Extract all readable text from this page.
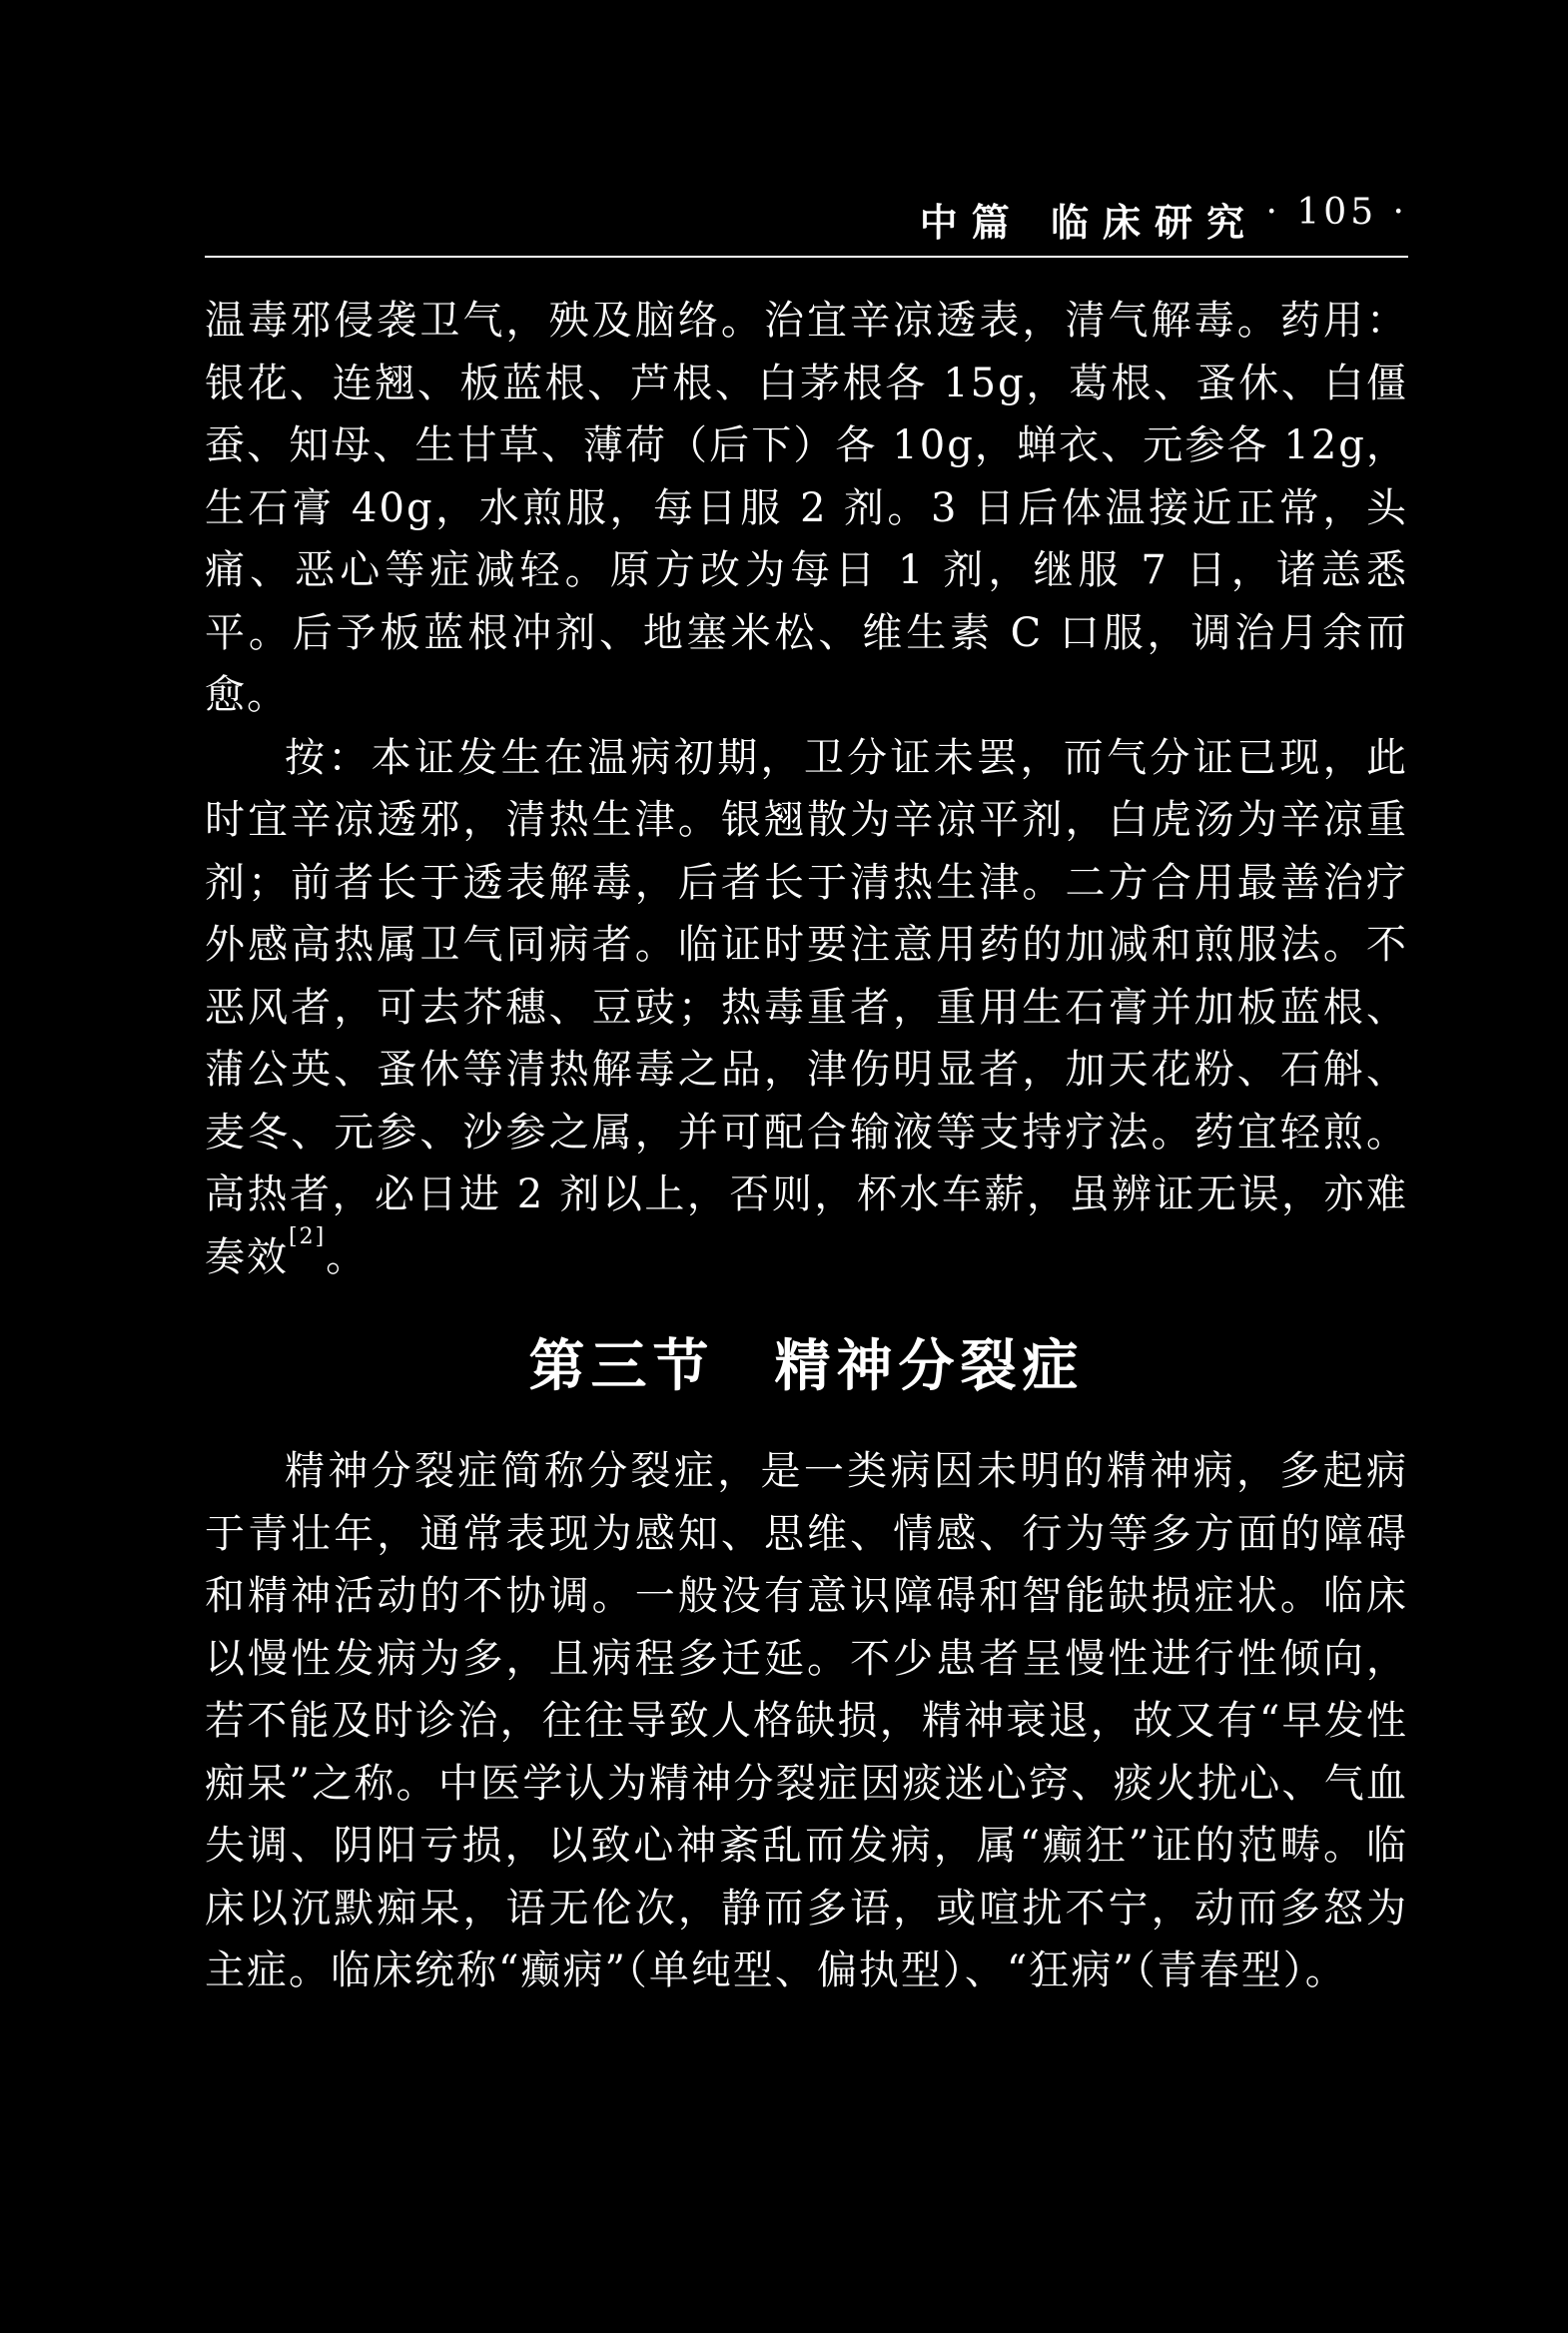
中篇 临床研究 · 105 ·

温毒邪侵袭卫气，殃及脑络。治宜辛凉透表，清气解毒。药用：银花、连翘、板蓝根、芦根、白茅根各 15g，葛根、蚤休、白僵蚕、知母、生甘草、薄荷（后下）各 10g，蝉衣、元参各 12g，生石膏 40g，水煎服，每日服 2 剂。3 日后体温接近正常，头痛、恶心等症减轻。原方改为每日 1 剂，继服 7 日，诸恙悉平。后予板蓝根冲剂、地塞米松、维生素 C 口服，调治月余而愈。

按：本证发生在温病初期，卫分证未罢，而气分证已现，此时宜辛凉透邪，清热生津。银翘散为辛凉平剂，白虎汤为辛凉重剂；前者长于透表解毒，后者长于清热生津。二方合用最善治疗外感高热属卫气同病者。临证时要注意用药的加减和煎服法。不恶风者，可去芥穗、豆豉；热毒重者，重用生石膏并加板蓝根、蒲公英、蚤休等清热解毒之品，津伤明显者，加天花粉、石斛、麦冬、元参、沙参之属，并可配合输液等支持疗法。药宜轻煎。高热者，必日进 2 剂以上，否则，杯水车薪，虽辨证无误，亦难奏效[2]。

第三节 精神分裂症

精神分裂症简称分裂症，是一类病因未明的精神病，多起病于青壮年，通常表现为感知、思维、情感、行为等多方面的障碍和精神活动的不协调。一般没有意识障碍和智能缺损症状。临床以慢性发病为多，且病程多迁延。不少患者呈慢性进行性倾向，若不能及时诊治，往往导致人格缺损，精神衰退，故又有“早发性痴呆”之称。中医学认为精神分裂症因痰迷心窍、痰火扰心、气血失调、阴阳亏损，以致心神紊乱而发病，属“癫狂”证的范畴。临床以沉默痴呆，语无伦次，静而多语，或喧扰不宁，动而多怒为主症。临床统称“癫病”（单纯型、偏执型）、“狂病”（青春型）。
